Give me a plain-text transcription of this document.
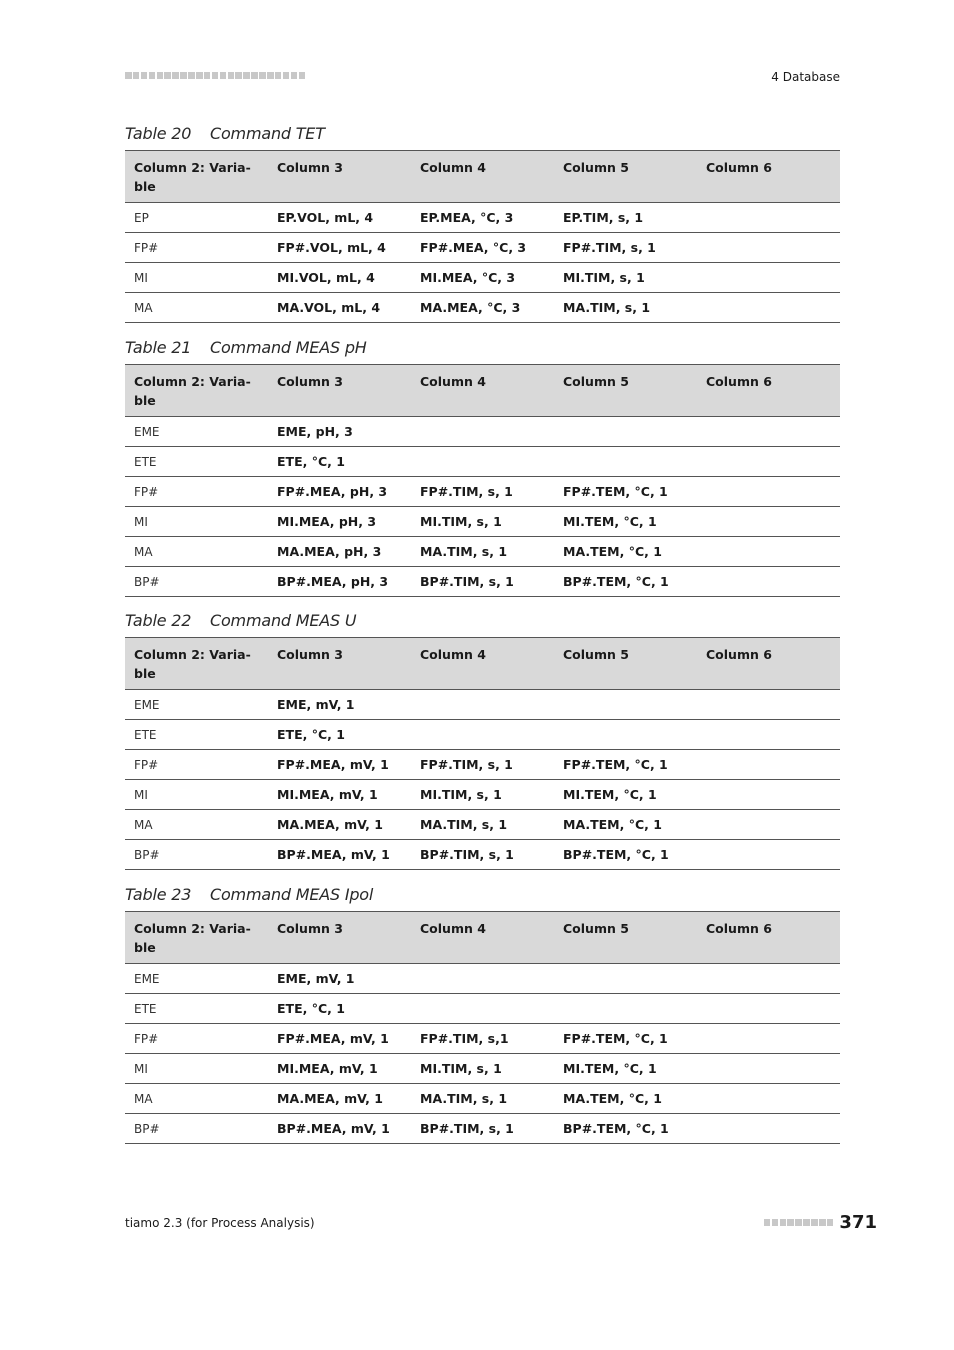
4 Database
Table 20 Command TET
Column 2: Varia-ble	Column 3	Column 4	Column 5	Column 6
EP	EP.VOL, mL, 4	EP.MEA, °C, 3	EP.TIM, s, 1	
FP#	FP#.VOL, mL, 4	FP#.MEA, °C, 3	FP#.TIM, s, 1	
MI	MI.VOL, mL, 4	MI.MEA, °C, 3	MI.TIM, s, 1	
MA	MA.VOL, mL, 4	MA.MEA, °C, 3	MA.TIM, s, 1	
Table 21 Command MEAS pH
Column 2: Varia-ble	Column 3	Column 4	Column 5	Column 6
EME	EME, pH, 3			
ETE	ETE, °C, 1			
FP#	FP#.MEA, pH, 3	FP#.TIM, s, 1	FP#.TEM, °C, 1	
MI	MI.MEA, pH, 3	MI.TIM, s, 1	MI.TEM, °C, 1	
MA	MA.MEA, pH, 3	MA.TIM, s, 1	MA.TEM, °C, 1	
BP#	BP#.MEA, pH, 3	BP#.TIM, s, 1	BP#.TEM, °C, 1	
Table 22 Command MEAS U
Column 2: Varia-ble	Column 3	Column 4	Column 5	Column 6
EME	EME, mV, 1			
ETE	ETE, °C, 1			
FP#	FP#.MEA, mV, 1	FP#.TIM, s, 1	FP#.TEM, °C, 1	
MI	MI.MEA, mV, 1	MI.TIM, s, 1	MI.TEM, °C, 1	
MA	MA.MEA, mV, 1	MA.TIM, s, 1	MA.TEM, °C, 1	
BP#	BP#.MEA, mV, 1	BP#.TIM, s, 1	BP#.TEM, °C, 1	
Table 23 Command MEAS Ipol
Column 2: Varia-ble	Column 3	Column 4	Column 5	Column 6
EME	EME, mV, 1			
ETE	ETE, °C, 1			
FP#	FP#.MEA, mV, 1	FP#.TIM, s,1	FP#.TEM, °C, 1	
MI	MI.MEA, mV, 1	MI.TIM, s, 1	MI.TEM, °C, 1	
MA	MA.MEA, mV, 1	MA.TIM, s, 1	MA.TEM, °C, 1	
BP#	BP#.MEA, mV, 1	BP#.TIM, s, 1	BP#.TEM, °C, 1	
tiamo 2.3 (for Process Analysis)	371
